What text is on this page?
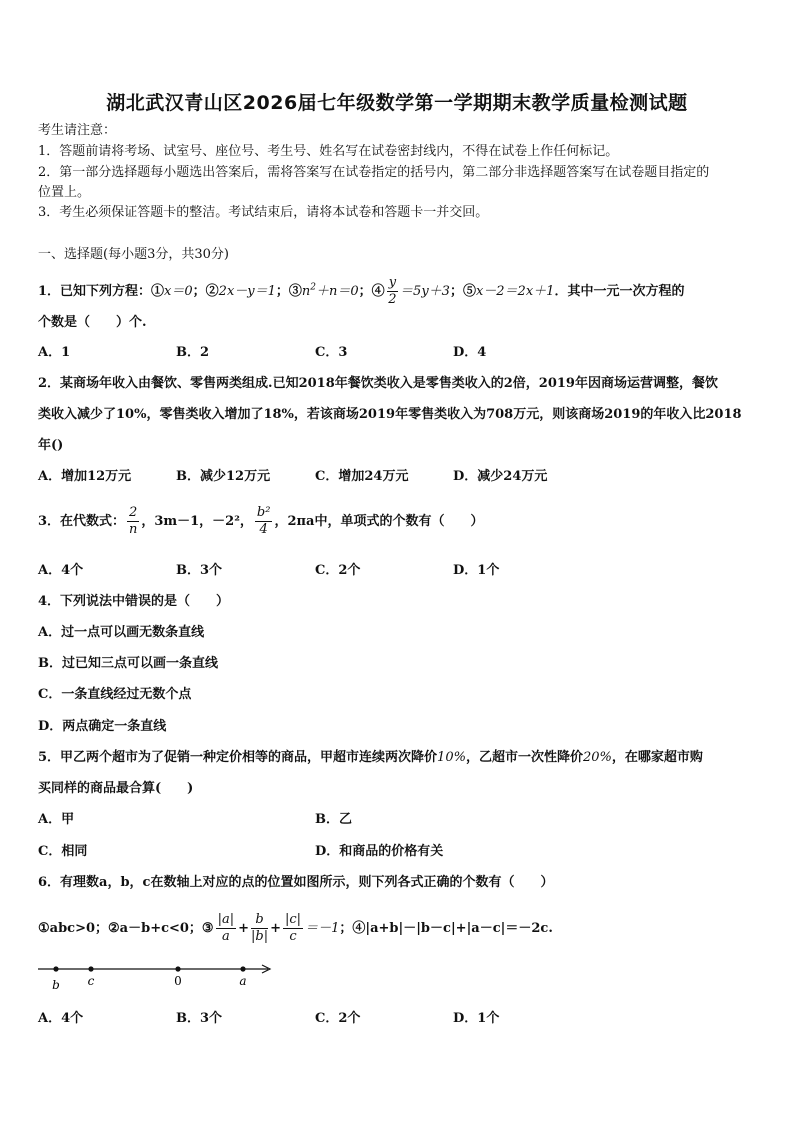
湖北武汉青山区2026届七年级数学第一学期期末教学质量检测试题
考生请注意：
1．答题前请将考场、试室号、座位号、考生号、姓名写在试卷密封线内，不得在试卷上作任何标记。
2．第一部分选择题每小题选出答案后，需将答案写在试卷指定的括号内，第二部分非选择题答案写在试卷题目指定的
位置上。
3．考生必须保证答题卡的整洁。考试结束后，请将本试卷和答题卡一并交回。
一、选择题(每小题3分，共30分)
1．已知下列方程：①x＝0；②2x－y＝1；$③n^2+n=0$；④ $\frac{y}{2} =5y+3$；⑤x－2＝2x＋1．其中一元一次方程的
个数是（　　）个.
A．1	B．2	C．3	D．4
2．某商场年收入由餐饮、零售两类组成.已知2018年餐饮类收入是零售类收入的2倍，2019年因商场运营调整，餐饮
类收入减少了10%，零售类收入增加了18%，若该商场2019年零售类收入为708万元，则该商场2019的年收入比2018
年()
A．增加12万元	B．减少12万元	C．增加24万元	D．减少24万元
3．在代数式： $\frac{2}{n}$ ，3m－1，－2²， $\frac{\text{b²}}{4}$ ，2πa中，单项式的个数有（　　）
A．4个	B．3个	C．2个	D．1个
4．下列说法中错误的是（　　）
A．过一点可以画无数条直线
B．过已知三点可以画一条直线
C．一条直线经过无数个点
D．两点确定一条直线
5．甲乙两个超市为了促销一种定价相等的商品，甲超市连续两次降价10%，乙超市一次性降价20%，在哪家超市购
买同样的商品最合算(　　)
A．甲	B．乙
C．相同	D．和商品的价格有关
6．有理数a，b，c在数轴上对应的点的位置如图所示，则下列各式正确的个数有（　　）
①abc>0；②a－b+c<0；③ $\frac{|a|}{a} + \frac{b}{|b|} + \frac{|c|}{c} =-1$；④|a+b|－|b－c|+|a－c|＝－2c.
b c	0	a
A．4个	B．3个	C．2个	D．1个
